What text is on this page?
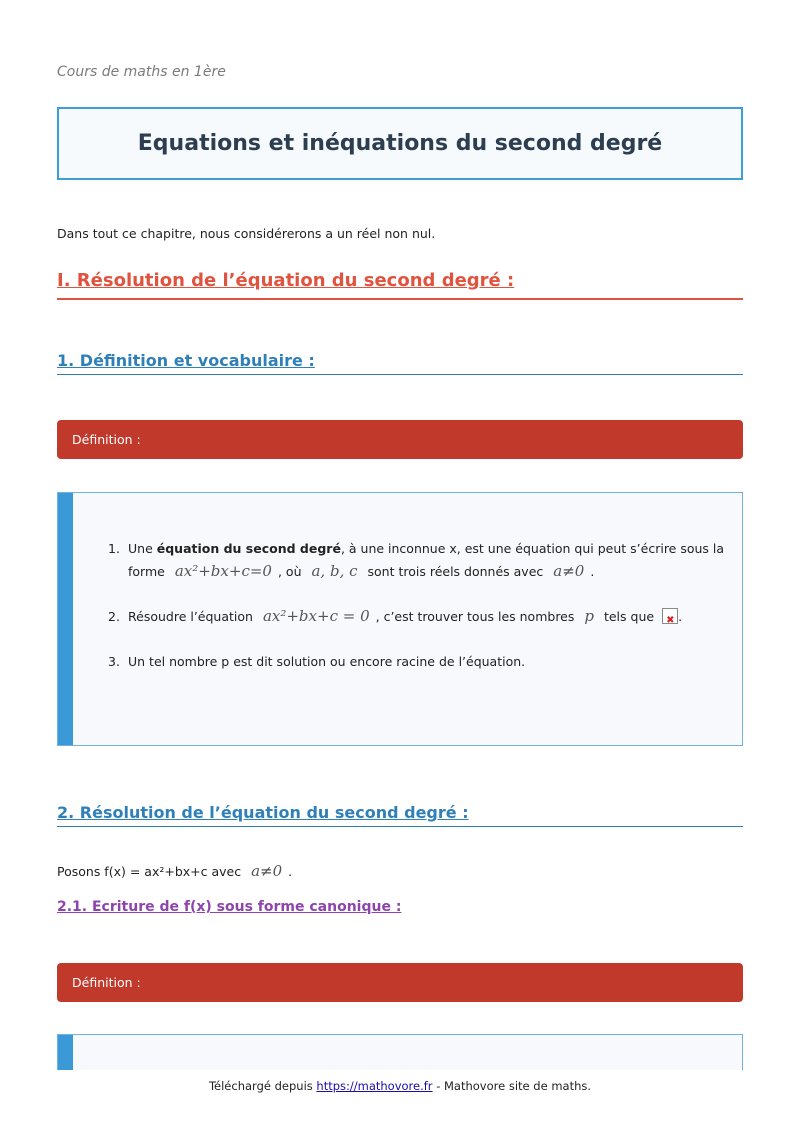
Cours de maths en 1ère
Equations et inéquations du second degré
Dans tout ce chapitre, nous considérerons a un réel non nul.
I. Résolution de l’équation du second degré :
1. Définition et vocabulaire :
Définition :
1. Une équation du second degré, à une inconnue x, est une équation qui peut s’écrire sous la forme ax²+bx+c=0 , où a, b, c sont trois réels donnés avec a≠0 .
2. Résoudre l’équation ax²+bx+c = 0 , c’est trouver tous les nombres p tels que ✖ .
3. Un tel nombre p est dit solution ou encore racine de l’équation.
2. Résolution de l’équation du second degré :
Posons f(x) = ax²+bx+c avec a≠0 .
2.1. Ecriture de f(x) sous forme canonique :
Définition :
Téléchargé depuis https://mathovore.fr - Mathovore site de maths.
